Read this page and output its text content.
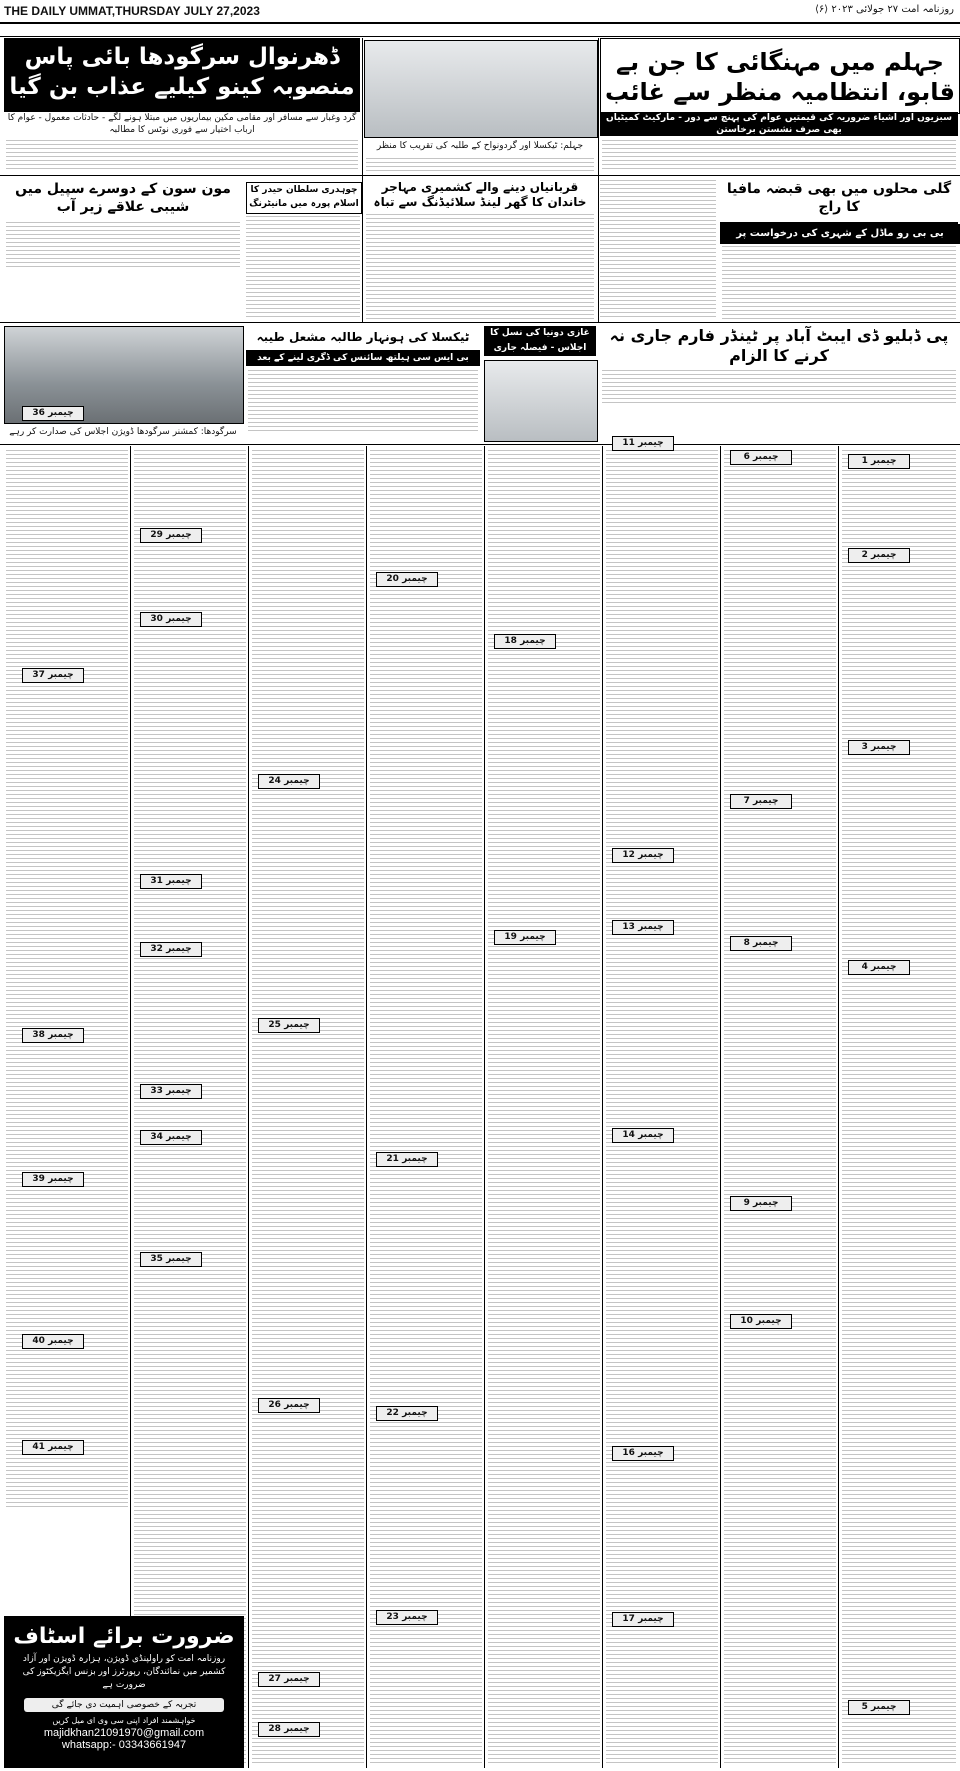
THE DAILY UMMAT,THURSDAY JULY 27,2023	روزنامہ امت ۲۷ جولائی ۲۰۲۳ ⟨۶⟩
جہلم میں مہنگائی کا جن بے قابو، انتظامیہ منظر سے غائب
سبزیوں اور اشیاء ضروریہ کی قیمتیں عوام کی پہنچ سے دور - مارکیٹ کمیٹیاں بھی صرف نشستن برخاستن
جہلم: ٹیکسلا اور گردونواح کے طلبہ کی تقریب کا منظر
ڈھرنوال سرگودھا بائی پاس منصوبہ کینو کیلیے عذاب بن گیا
گرد وغبار سے مسافر اور مقامی مکین بیماریوں میں مبتلا ہونے لگے - حادثات معمول - عوام کا ارباب اختیار سے فوری نوٹس کا مطالبہ
گلی محلوں میں بھی قبضہ مافیا کا راج
بی بی رو ماڈل کے شہری کی درخواست پر
قربانیاں دینے والے کشمیری مہاجر خاندان کا گھر لینڈ سلائیڈنگ سے تباہ
چوہدری سلطان حیدر کا اسلام پورہ میں مانیٹرنگ
مون سون کے دوسرے سپیل میں شیبی علاقے زیر آب
پی ڈبلیو ڈی ایبٹ آباد پر ٹینڈر فارم جاری نہ کرنے کا الزام
غازی دونیا کی نسل کا اجلاس - فیصلہ جاری
ٹیکسلا کی ہونہار طالبہ مشعل طیبہ
بی ایس سی ہیلتھ سائنس کی ڈگری لینے کے بعد
سرگودھا: کمشنر سرگودھا ڈویژن اجلاس کی صدارت کر رہے
چیمبر 1
چیمبر 2
چیمبر 3
چیمبر 4
چیمبر 5
چیمبر 6
چیمبر 7
چیمبر 8
چیمبر 9
چیمبر 10
چیمبر 11
چیمبر 12
چیمبر 13
چیمبر 14
چیمبر 16
چیمبر 17
چیمبر 18
چیمبر 19
چیمبر 20
چیمبر 21
چیمبر 22
چیمبر 23
چیمبر 24
چیمبر 25
چیمبر 26
چیمبر 27
چیمبر 28
چیمبر 29
چیمبر 30
چیمبر 31
چیمبر 32
چیمبر 33
چیمبر 34
چیمبر 35
چیمبر 36
چیمبر 37
چیمبر 38
چیمبر 39
چیمبر 40
چیمبر 41
ضرورت برائے اسٹاف
روزنامہ امت کو راولپنڈی ڈویژن، ہزارہ ڈویژن اور آزاد کشمیر میں نمائندگان، رپورٹرز اور بزنس ایگزیکٹوز کی ضرورت ہے
تجربہ کے خصوصی اہمیت دی جائے گی
خواہشمند افراد اپنی سی وی ای میل کریں
majidkhan21091970@gmail.com
whatsapp:- 03343661947
